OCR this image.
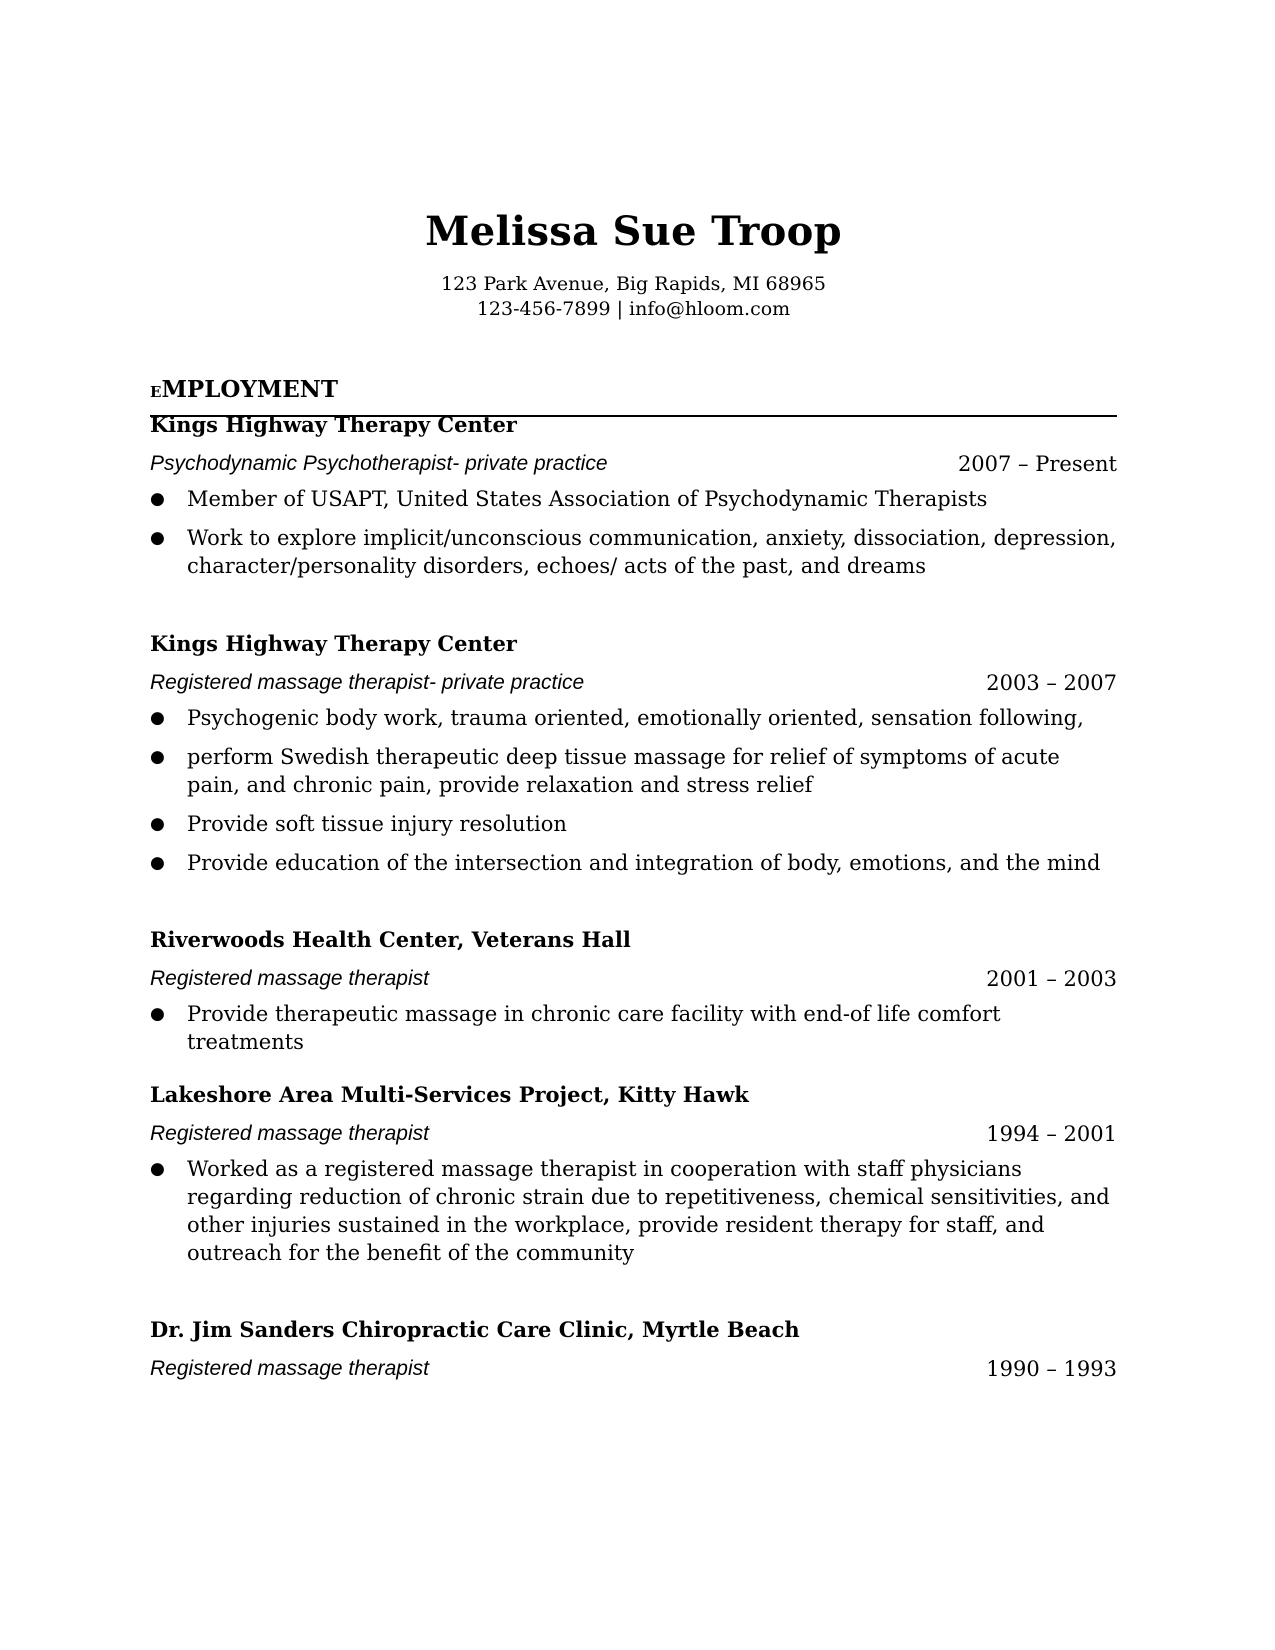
Melissa Sue Troop
123 Park Avenue, Big Rapids, MI 68965
123-456-7899 | info@hloom.com
EMPLOYMENT
Kings Highway Therapy Center
Psychodynamic Psychotherapist- private practice	2007 – Present
● Member of USAPT, United States Association of Psychodynamic Therapists
● Work to explore implicit/unconscious communication, anxiety, dissociation, depression, character/personality disorders, echoes/ acts of the past, and dreams
Kings Highway Therapy Center
Registered massage therapist- private practice	2003 – 2007
● Psychogenic body work, trauma oriented, emotionally oriented, sensation following,
● perform Swedish therapeutic deep tissue massage for relief of symptoms of acute pain, and chronic pain, provide relaxation and stress relief
● Provide soft tissue injury resolution
● Provide education of the intersection and integration of body, emotions, and the mind
Riverwoods Health Center, Veterans Hall
Registered massage therapist	2001 – 2003
● Provide therapeutic massage in chronic care facility with end-of life comfort treatments
Lakeshore Area Multi-Services Project, Kitty Hawk
Registered massage therapist	1994 – 2001
● Worked as a registered massage therapist in cooperation with staff physicians regarding reduction of chronic strain due to repetitiveness, chemical sensitivities, and other injuries sustained in the workplace, provide resident therapy for staff, and outreach for the benefit of the community
Dr. Jim Sanders Chiropractic Care Clinic, Myrtle Beach
Registered massage therapist	1990 – 1993
